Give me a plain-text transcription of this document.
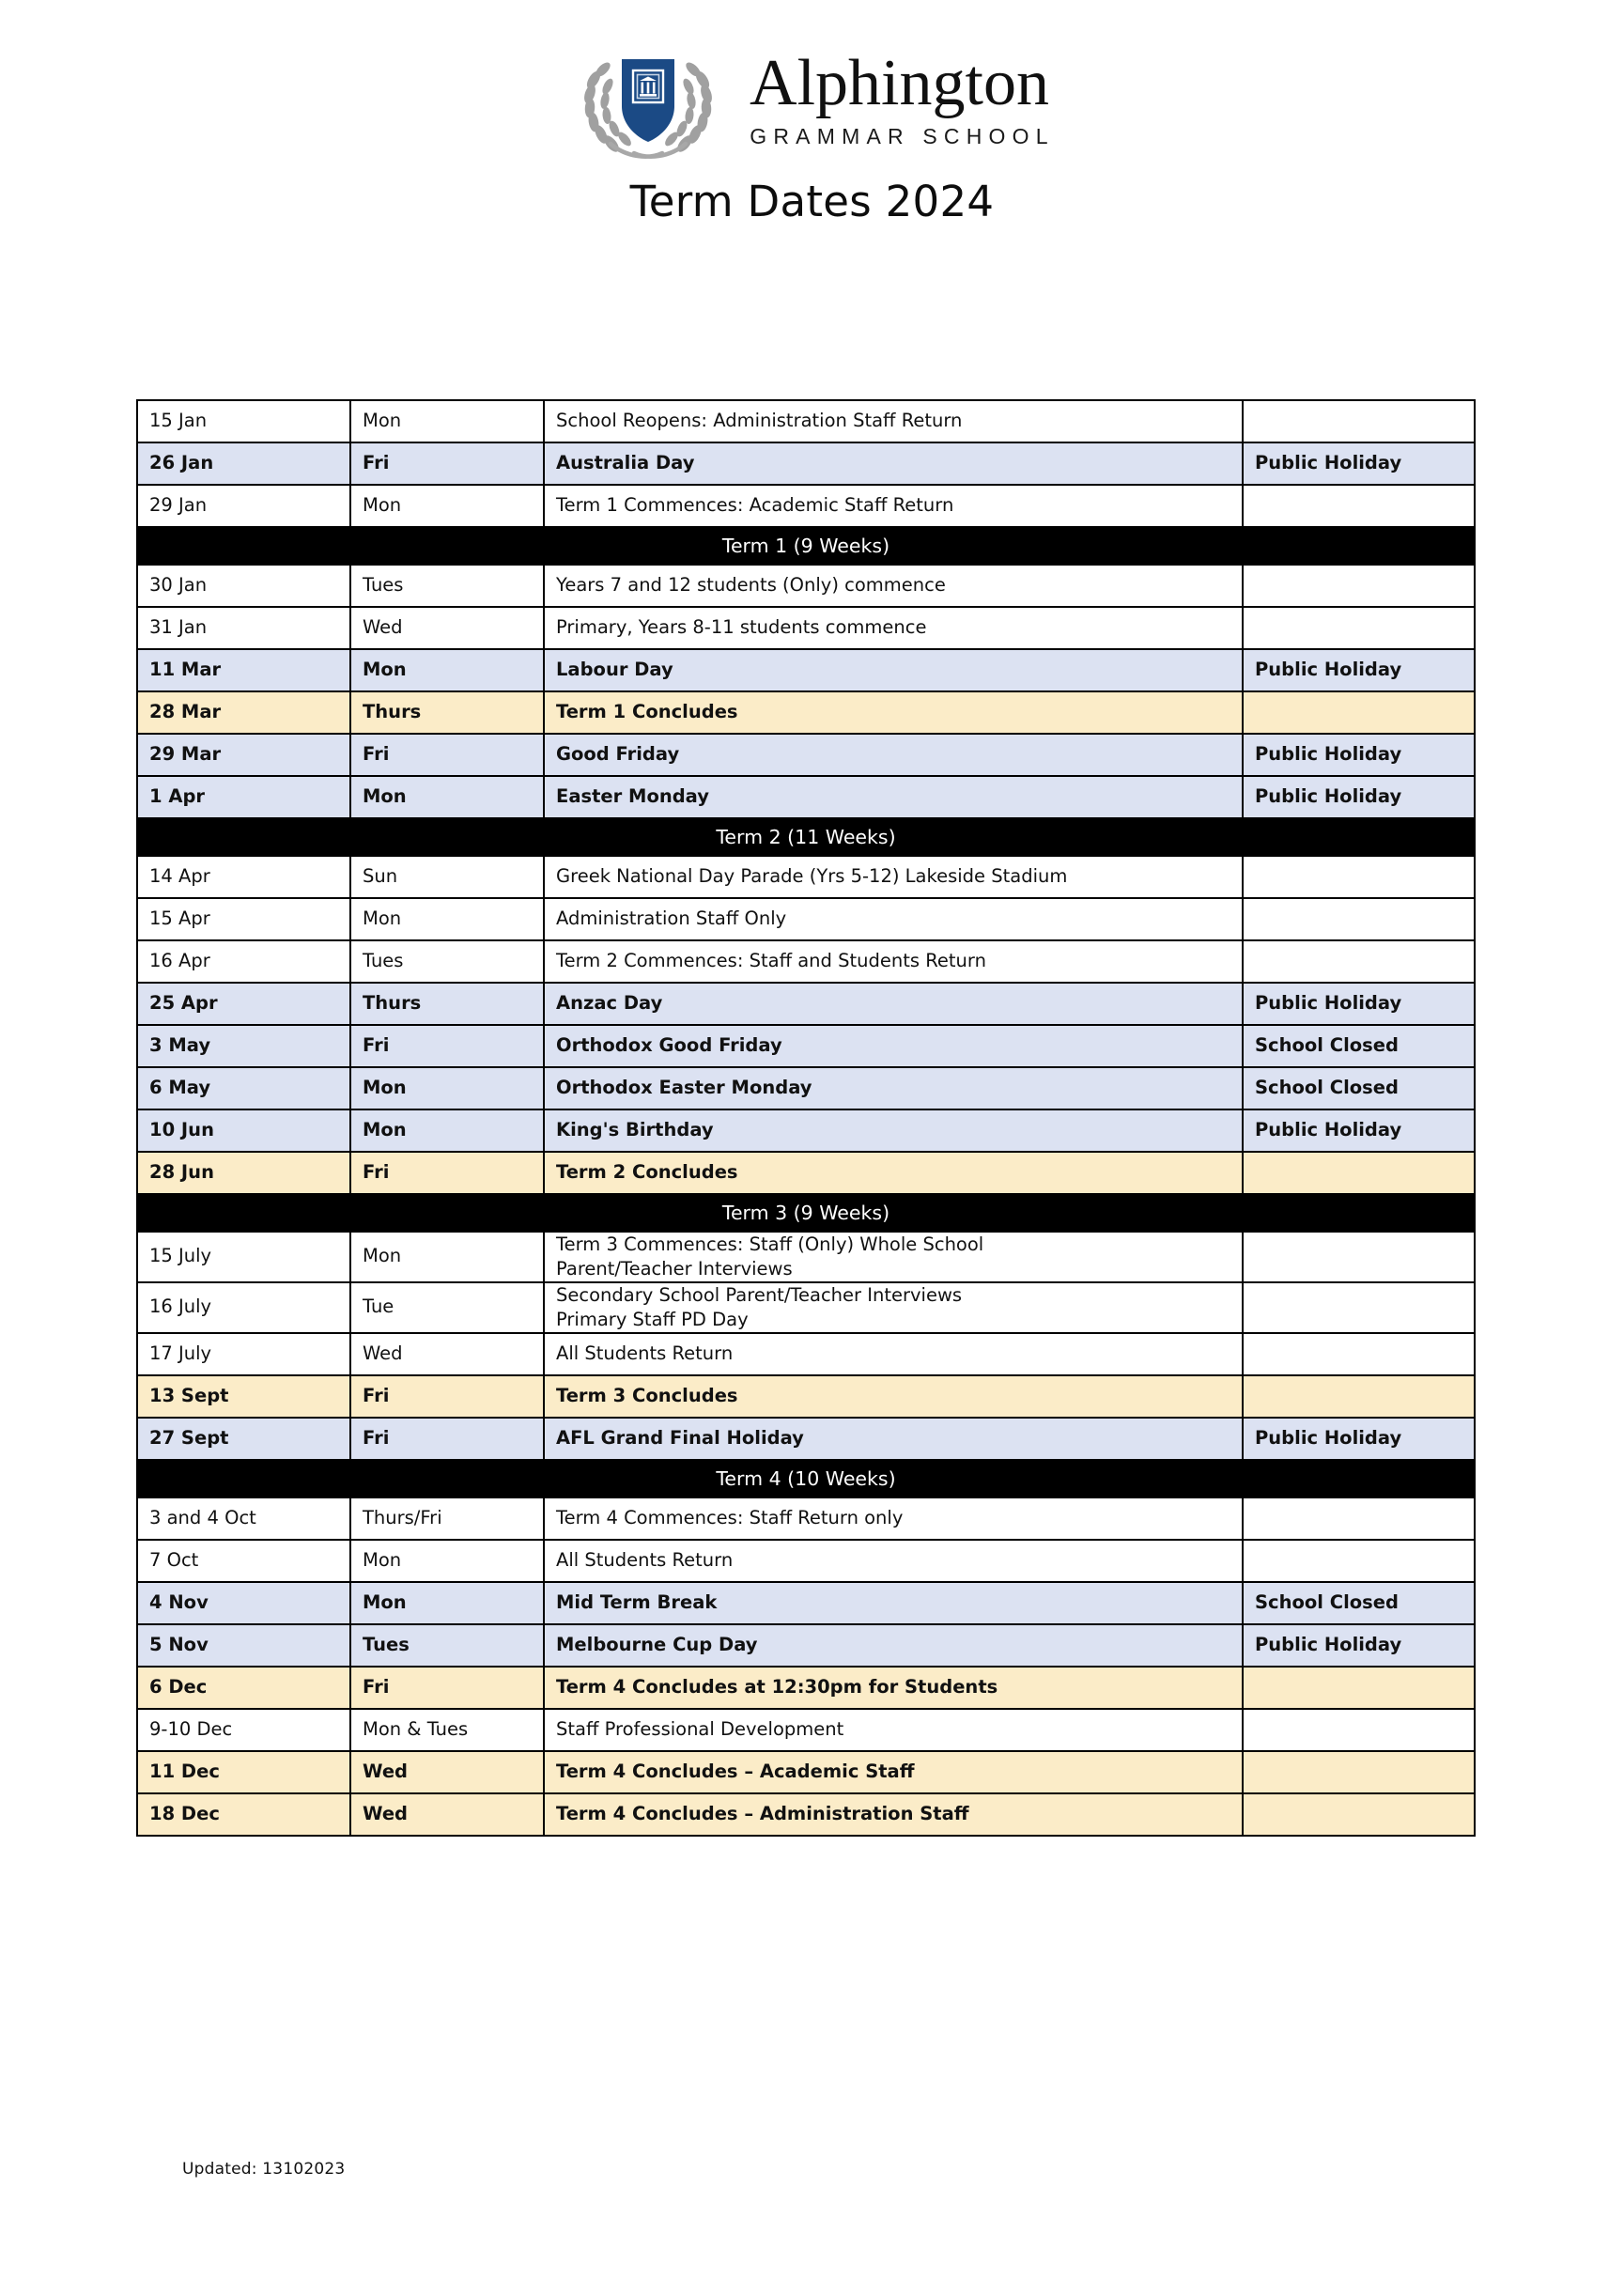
Alphington
GRAMMAR SCHOOL
Term Dates 2024
15 Jan	Mon	School Reopens: Administration Staff Return	
26 Jan	Fri	Australia Day	Public Holiday
29 Jan	Mon	Term 1 Commences: Academic Staff Return	
Term 1 (9 Weeks)			
30 Jan	Tues	Years 7 and 12 students (Only) commence	
31 Jan	Wed	Primary, Years 8-11 students commence	
11 Mar	Mon	Labour Day	Public Holiday
28 Mar	Thurs	Term 1 Concludes	
29 Mar	Fri	Good Friday	Public Holiday
1 Apr	Mon	Easter Monday	Public Holiday
Term 2 (11 Weeks)			
14 Apr	Sun	Greek National Day Parade (Yrs 5-12) Lakeside Stadium	
15 Apr	Mon	Administration Staff Only	
16 Apr	Tues	Term 2 Commences: Staff and Students Return	
25 Apr	Thurs	Anzac Day	Public Holiday
3 May	Fri	Orthodox Good Friday	School Closed
6 May	Mon	Orthodox Easter Monday	School Closed
10 Jun	Mon	King's Birthday	Public Holiday
28 Jun	Fri	Term 2 Concludes	
Term 3 (9 Weeks)			
15 July	Mon	Term 3 Commences: Staff (Only) Whole School
Parent/Teacher Interviews	

16 July	Tue	Secondary School Parent/Teacher Interviews
Primary Staff PD Day	

17 July	Wed	All Students Return	
13 Sept	Fri	Term 3 Concludes	
27 Sept	Fri	AFL Grand Final Holiday	Public Holiday
Term 4 (10 Weeks)			
3 and 4 Oct	Thurs/Fri	Term 4 Commences: Staff Return only	
7 Oct	Mon	All Students Return	
4 Nov	Mon	Mid Term Break	School Closed
5 Nov	Tues	Melbourne Cup Day	Public Holiday
6 Dec	Fri	Term 4 Concludes at 12:30pm for Students	
9-10 Dec	Mon & Tues	Staff Professional Development	
11 Dec	Wed	Term 4 Concludes – Academic Staff	
18 Dec	Wed	Term 4 Concludes – Administration Staff	
Updated: 13102023
